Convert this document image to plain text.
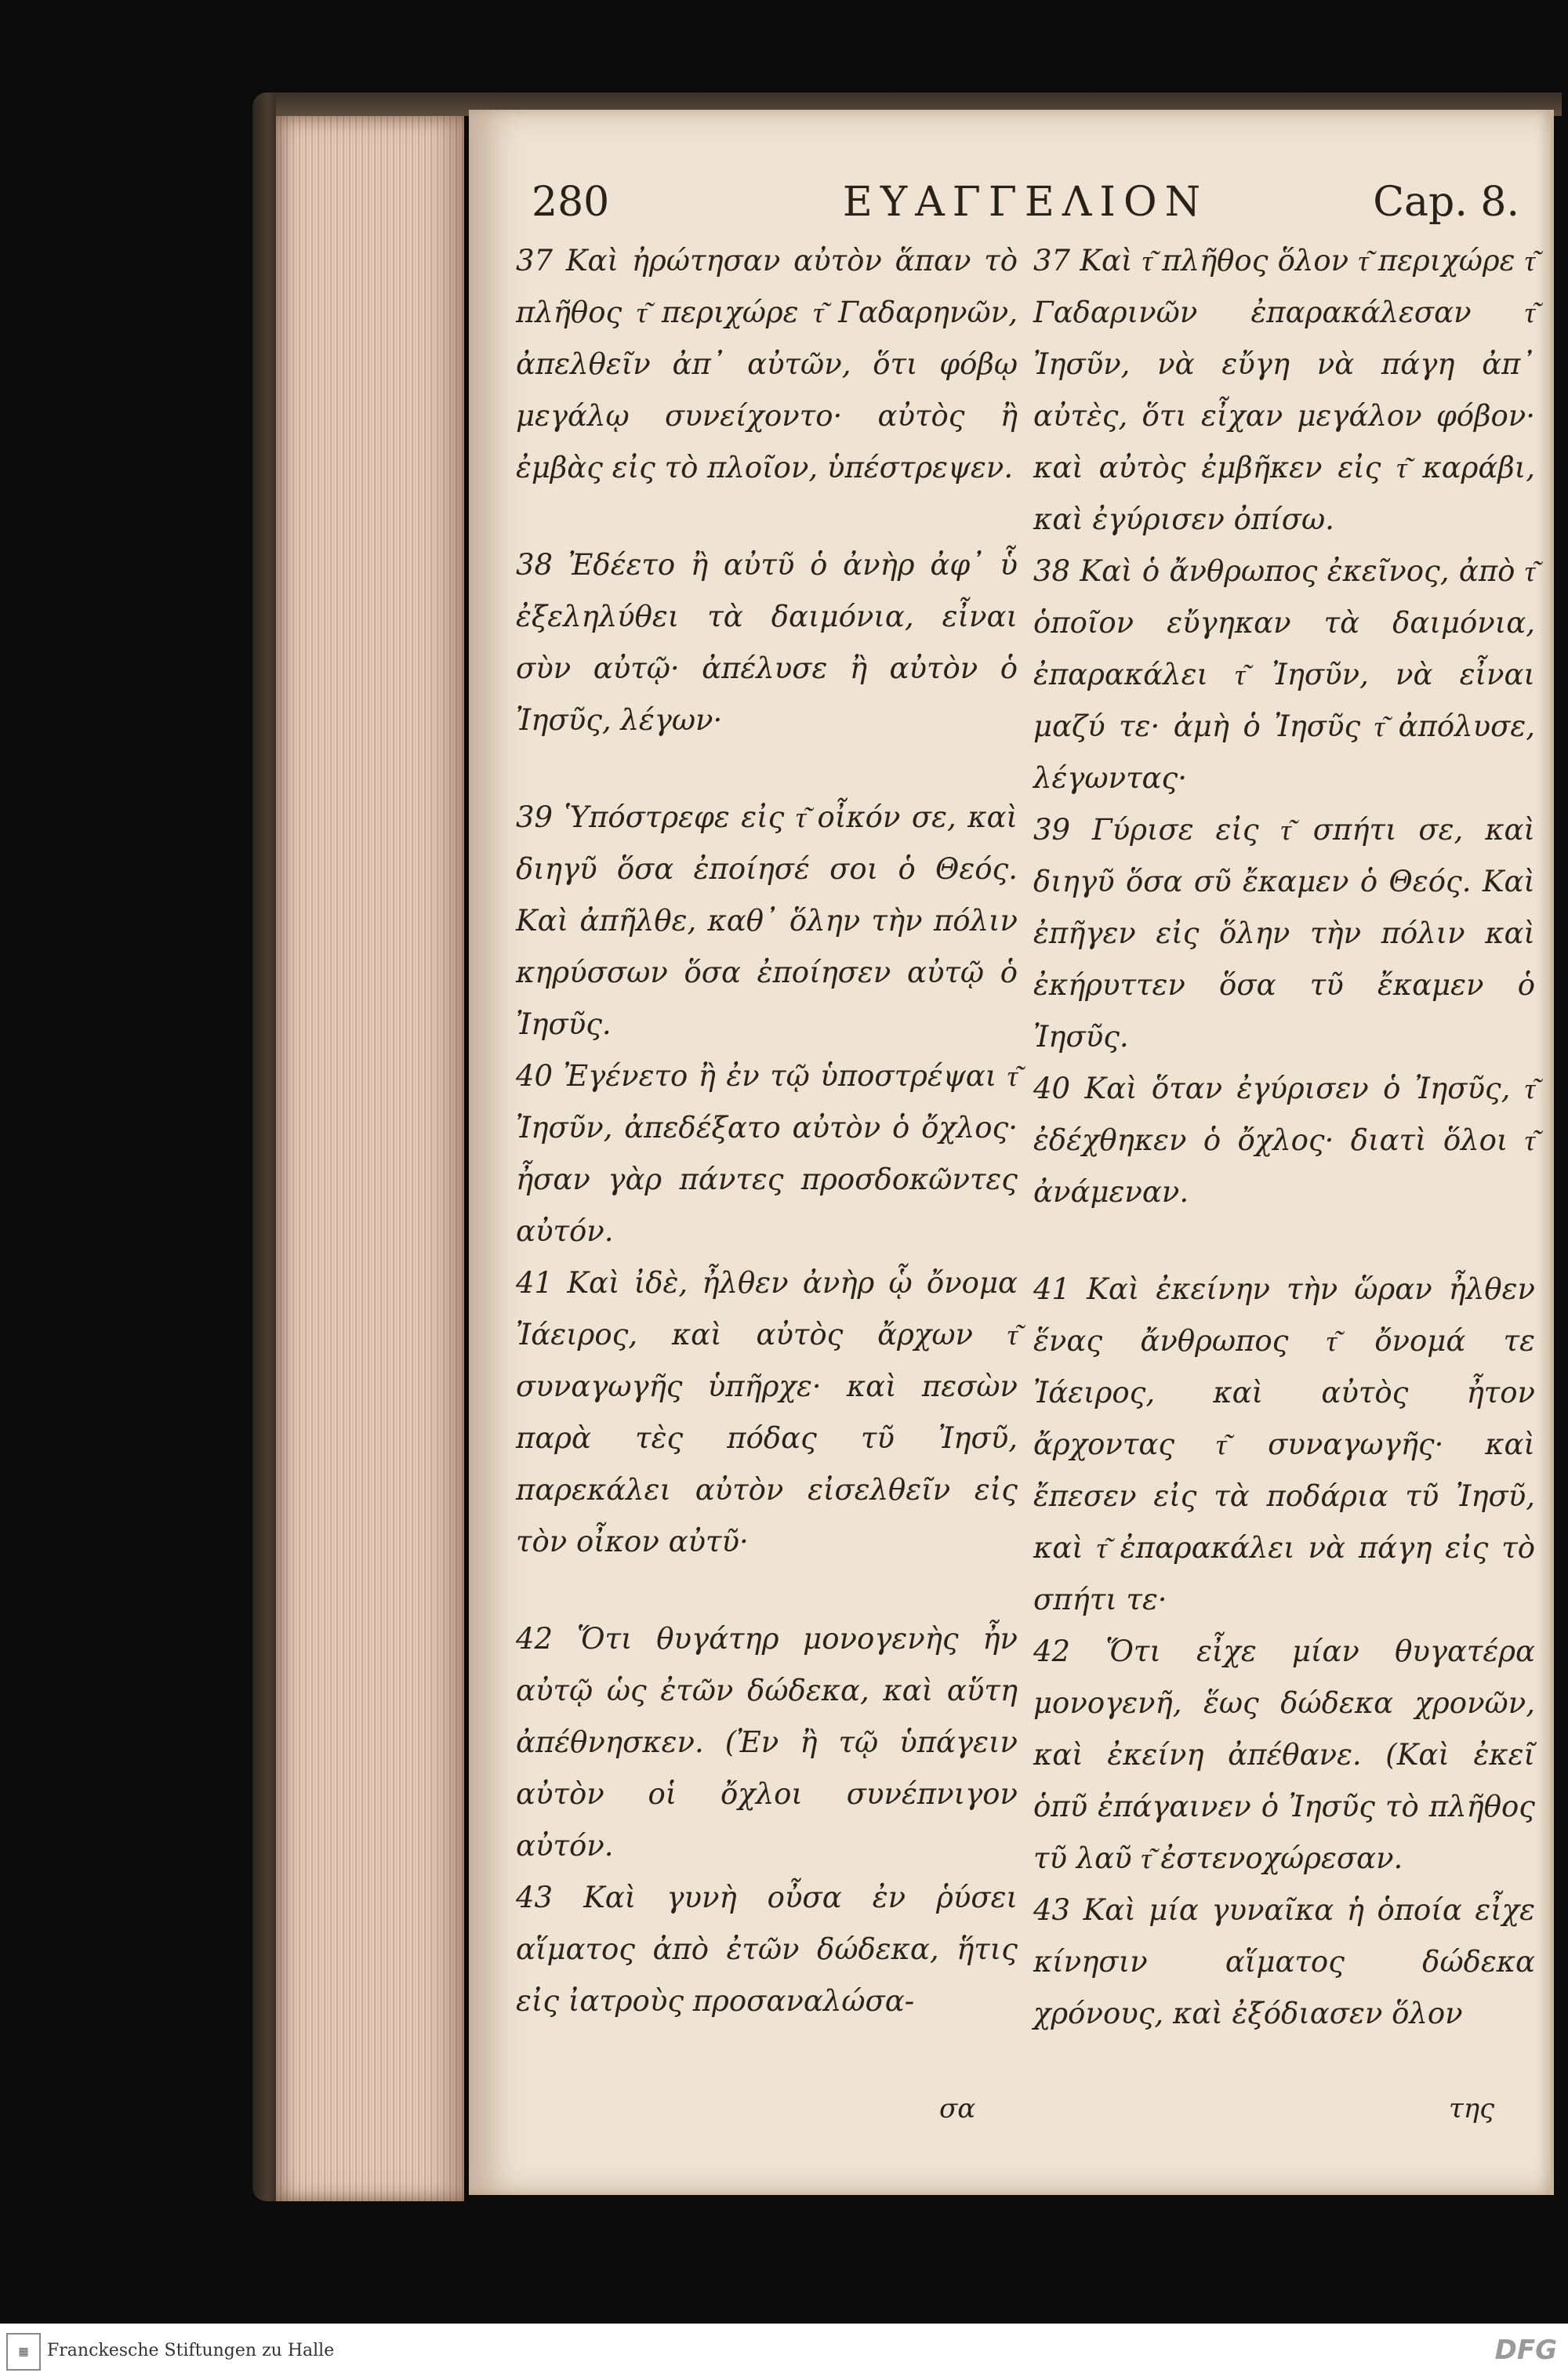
280	ΕΥΑΓΓΕΛΙΟΝ	Cap. 8.

37 Καὶ ἠρώτησαν αὐτὸν ἅπαν τὸ πλῆθος τ͂ περιχώρε τ͂ Γαδαρηνῶν, ἀπελθεῖν ἀπ᾽ αὐτῶν, ὅτι φόβῳ μεγάλῳ συνείχοντο· αὐτὸς ἢ ἐμβὰς εἰς τὸ πλοῖον, ὑπέστρεψεν.

38 Ἐδέετο ἢ αὐτῦ ὁ ἀνὴρ ἀφ᾽ ὗ ἐξεληλύθει τὰ δαιμόνια, εἶναι σὺν αὐτῷ· ἀπέλυσε ἢ αὐτὸν ὁ Ἰησῦς, λέγων·

39 Ὑπόστρεφε εἰς τ͂ οἶκόν σε, καὶ διηγῦ ὅσα ἐποίησέ σοι ὁ Θεός. Καὶ ἀπῆλθε, καθ᾽ ὅλην τὴν πόλιν κηρύσσων ὅσα ἐποίησεν αὐτῷ ὁ Ἰησῦς.

40 Ἐγένετο ἢ ἐν τῷ ὑποστρέψαι τ͂ Ἰησῦν, ἀπεδέξατο αὐτὸν ὁ ὄχλος· ἦσαν γὰρ πάντες προσδοκῶντες αὐτόν.

41 Καὶ ἰδὲ, ἦλθεν ἀνὴρ ᾧ ὄνομα Ἰάειρος, καὶ αὐτὸς ἄρχων τ͂ συναγωγῆς ὑπῆρχε· καὶ πεσὼν παρὰ τὲς πόδας τῦ Ἰησῦ, παρεκάλει αὐτὸν εἰσελθεῖν εἰς τὸν οἶκον αὐτῦ·

42 Ὅτι θυγάτηρ μονογενὴς ἦν αὐτῷ ὡς ἐτῶν δώδεκα, καὶ αὕτη ἀπέθνησκεν. (Ἐν ἢ τῷ ὑπάγειν αὐτὸν οἱ ὄχλοι συνέπνιγον αὐτόν.

43 Καὶ γυνὴ οὖσα ἐν ῥύσει αἵματος ἀπὸ ἐτῶν δώδεκα, ἥτις εἰς ἰατροὺς προσαναλώσα-

37 Καὶ τ͂ πλῆθος ὅλον τ͂ περιχώρε τ͂ Γαδαρινῶν ἐπαρακάλεσαν τ͂ Ἰησῦν, νὰ εὔγη νὰ πάγη ἀπ᾽ αὐτὲς, ὅτι εἶχαν μεγάλον φόβον· καὶ αὐτὸς ἐμβῆκεν εἰς τ͂ καράβι, καὶ ἐγύρισεν ὀπίσω.

38 Καὶ ὁ ἄνθρωπος ἐκεῖνος, ἀπὸ τ͂ ὁποῖον εὔγηκαν τὰ δαιμόνια, ἐπαρακάλει τ͂ Ἰησῦν, νὰ εἶναι μαζύ τε· ἀμὴ ὁ Ἰησῦς τ͂ ἀπόλυσε, λέγωντας·

39 Γύρισε εἰς τ͂ σπήτι σε, καὶ διηγῦ ὅσα σῦ ἔκαμεν ὁ Θεός. Καὶ ἐπῆγεν εἰς ὅλην τὴν πόλιν καὶ ἐκήρυττεν ὅσα τῦ ἔκαμεν ὁ Ἰησῦς.

40 Καὶ ὅταν ἐγύρισεν ὁ Ἰησῦς, τ͂ ἐδέχθηκεν ὁ ὄχλος· διατὶ ὅλοι τ͂ ἀνάμεναν.

41 Καὶ ἐκείνην τὴν ὥραν ἦλθεν ἕνας ἄνθρωπος τ͂ ὄνομά τε Ἰάειρος, καὶ αὐτὸς ἦτον ἄρχοντας τ͂ συναγωγῆς· καὶ ἔπεσεν εἰς τὰ ποδάρια τῦ Ἰησῦ, καὶ τ͂ ἐπαρακάλει νὰ πάγη εἰς τὸ σπήτι τε·

42 Ὅτι εἶχε μίαν θυγατέρα μονογενῆ, ἕως δώδεκα χρονῶν, καὶ ἐκείνη ἀπέθανε. (Καὶ ἐκεῖ ὁπῦ ἐπάγαινεν ὁ Ἰησῦς τὸ πλῆθος τῦ λαῦ τ͂ ἐστενοχώρεσαν.

43 Καὶ μία γυναῖκα ἡ ὁποία εἶχε κίνησιν αἵματος δώδεκα χρόνους, καὶ ἐξόδιασεν ὅλον

σα	της
▦	Franckesche Stiftungen zu Halle	DFG
